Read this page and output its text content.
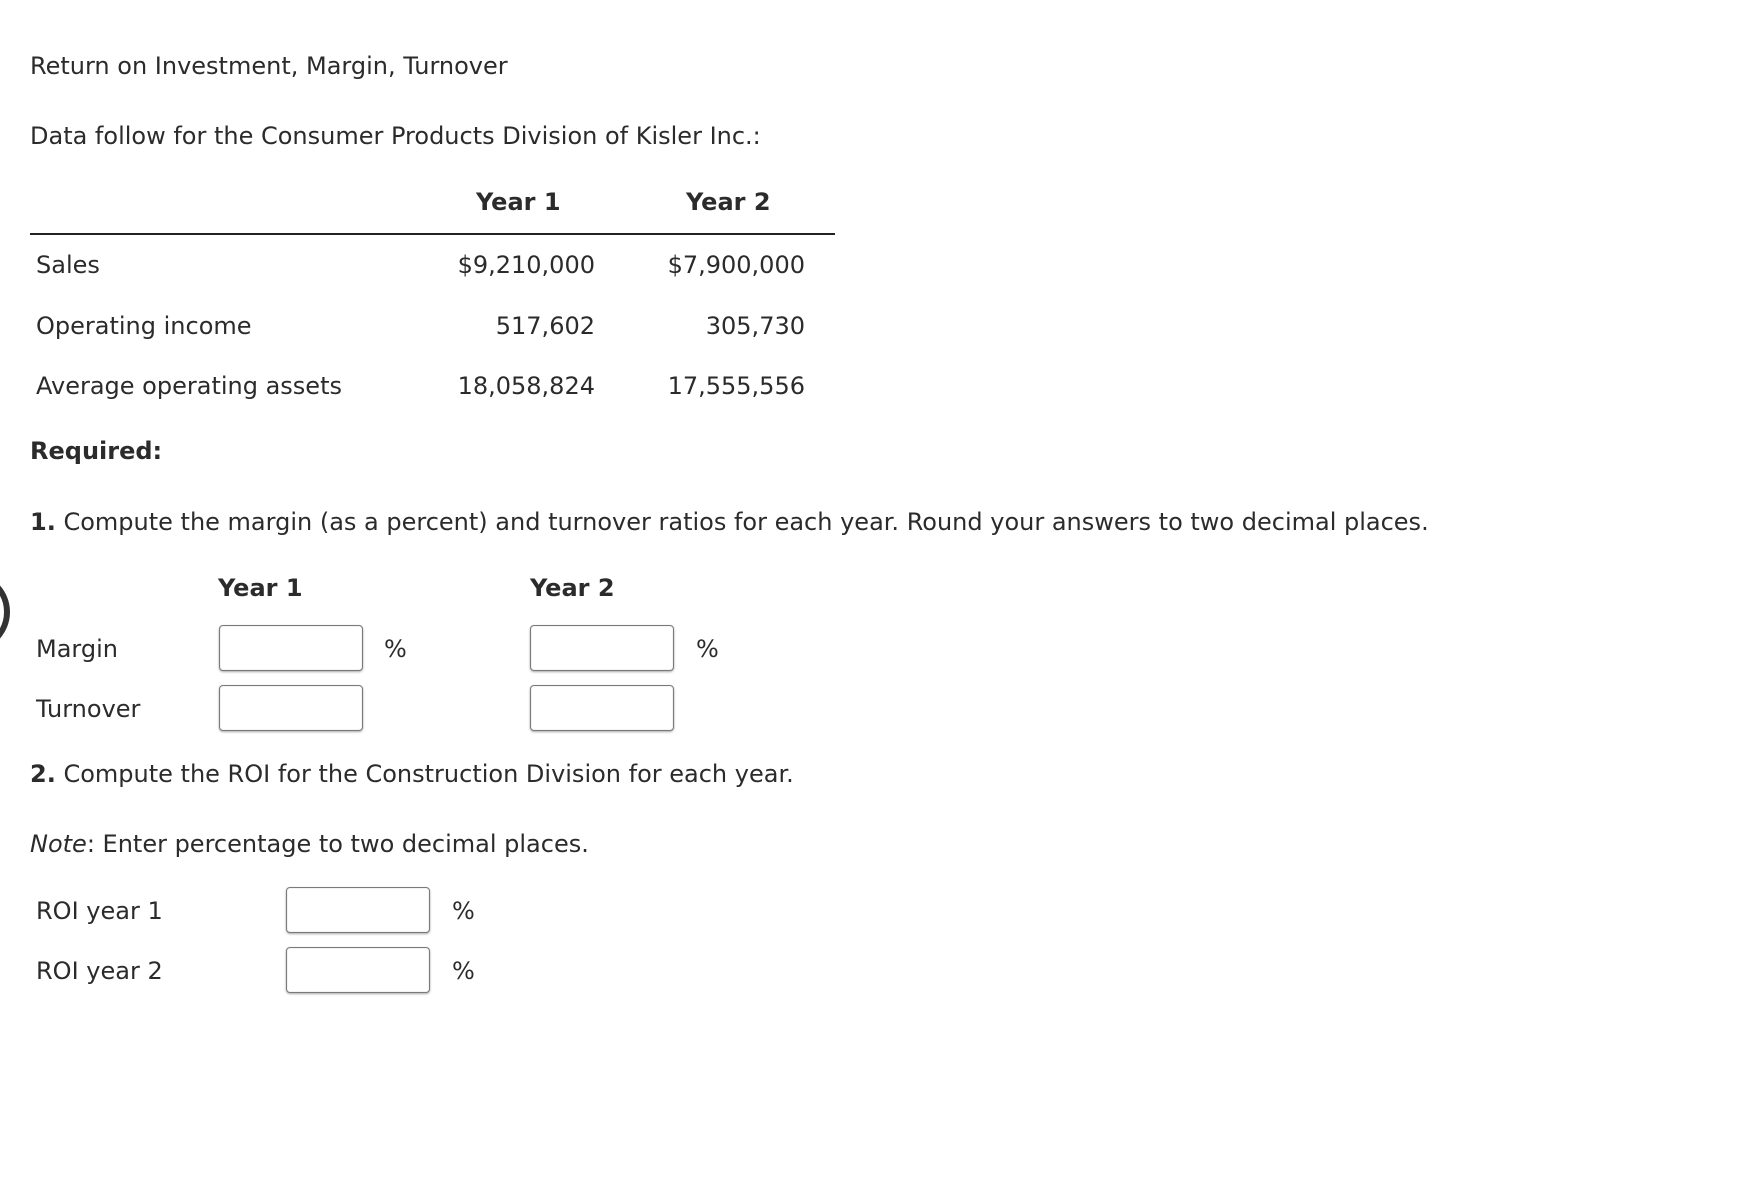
Return on Investment, Margin, Turnover
Data follow for the Consumer Products Division of Kisler Inc.:
Year 1	Year 2
Sales	$9,210,000	$7,900,000
Operating income	517,602	305,730
Average operating assets	18,058,824	17,555,556
Required:
1. Compute the margin (as a percent) and turnover ratios for each year. Round your answers to two decimal places.
Year 1	Year 2
Margin	%	%
Turnover
2. Compute the ROI for the Construction Division for each year.
Note: Enter percentage to two decimal places.
ROI year 1	%
ROI year 2	%
